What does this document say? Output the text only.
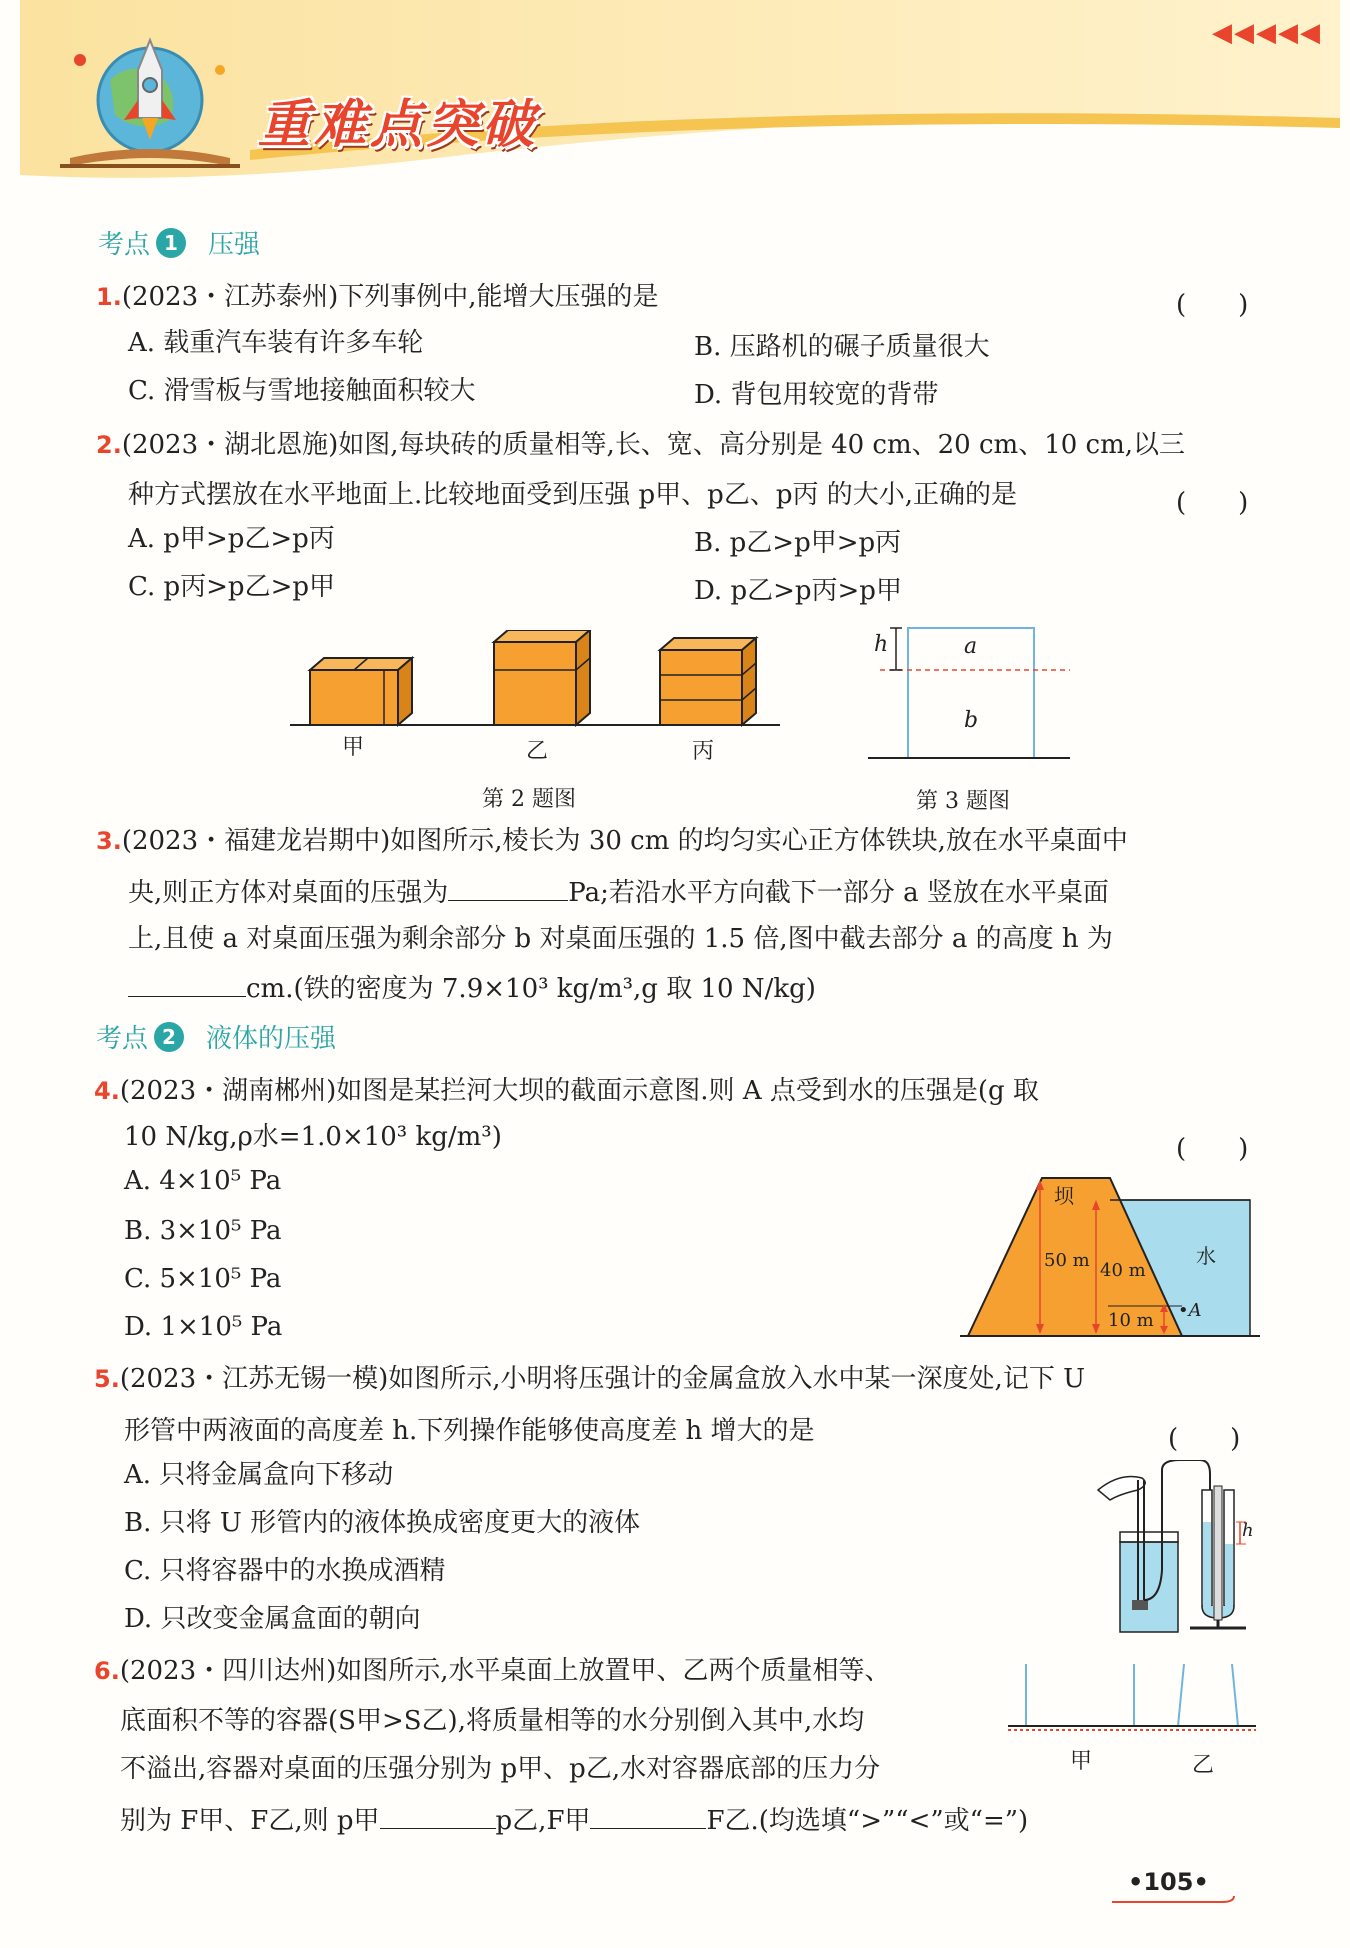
重难点突破
◀◀◀◀◀
考点 1	压强
1.(2023・江苏泰州)下列事例中,能增大压强的是	(　　)
A. 载重汽车装有许多车轮	B. 压路机的碾子质量很大
C. 滑雪板与雪地接触面积较大	D. 背包用较宽的背带
2.(2023・湖北恩施)如图,每块砖的质量相等,长、宽、高分别是 40 cm、20 cm、10 cm,以三
种方式摆放在水平地面上.比较地面受到压强 p甲、p乙、p丙 的大小,正确的是	(　　)
A. p甲>p乙>p丙	B. p乙>p甲>p丙
C. p丙>p乙>p甲	D. p乙>p丙>p甲
甲	乙	丙
第 2 题图
h	a
b
第 3 题图
3.(2023・福建龙岩期中)如图所示,棱长为 30 cm 的均匀实心正方体铁块,放在水平桌面中
央,则正方体对桌面的压强为	Pa;若沿水平方向截下一部分 a 竖放在水平桌面
上,且使 a 对桌面压强为剩余部分 b 对桌面压强的 1.5 倍,图中截去部分 a 的高度 h 为
cm.(铁的密度为 7.9×10³ kg/m³,g 取 10 N/kg)
考点 2	液体的压强
4.(2023・湖南郴州)如图是某拦河大坝的截面示意图.则 A 点受到水的压强是(g 取
10 N/kg,ρ水=1.0×10³ kg/m³)	(　　)
A. 4×10⁵ Pa
B. 3×10⁵ Pa
C. 5×10⁵ Pa
D. 1×10⁵ Pa
坝
水
50 m 40 m
10 m •A
5.(2023・江苏无锡一模)如图所示,小明将压强计的金属盒放入水中某一深度处,记下 U
形管中两液面的高度差 h.下列操作能够使高度差 h 增大的是	(　　)
A. 只将金属盒向下移动
B. 只将 U 形管内的液体换成密度更大的液体
C. 只将容器中的水换成酒精
D. 只改变金属盒面的朝向
h
6.(2023・四川达州)如图所示,水平桌面上放置甲、乙两个质量相等、
底面积不等的容器(S甲>S乙),将质量相等的水分别倒入其中,水均
不溢出,容器对桌面的压强分别为 p甲、p乙,水对容器底部的压力分
别为 F甲、F乙,则 p甲	p乙,F甲	F乙.(均选填“>”“<”或“=”)
甲	乙
•105•
